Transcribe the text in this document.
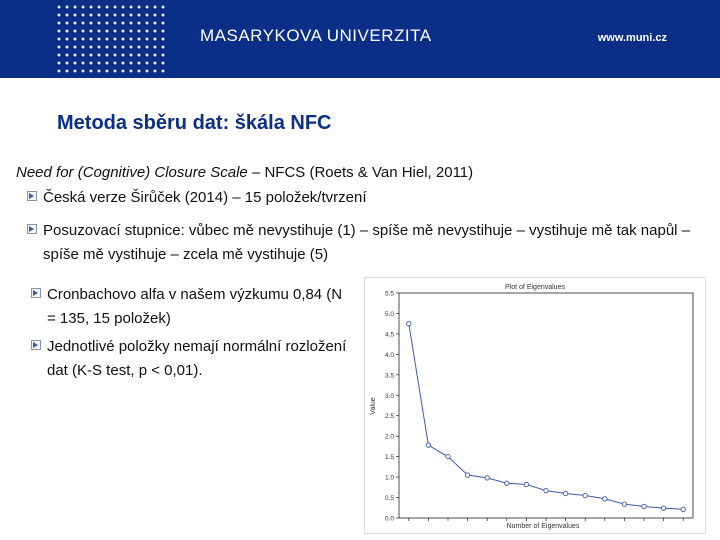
MASARYKOVA UNIVERZITA	www.muni.cz
Metoda sběru dat: škála NFC
Need for (Cognitive) Closure Scale – NFCS (Roets & Van Hiel, 2011)
Česká verze Širůček (2014) – 15 položek/tvrzení
Posuzovací stupnice: vůbec mě nevystihuje (1) – spíše mě nevystihuje – vystihuje mě tak napůl – spíše mě vystihuje – zcela mě vystihuje (5)
Cronbachovo alfa v našem výzkumu 0,84 (N = 135, 15 položek)
Jednotlivé položky nemají normální rozložení dat (K-S test, p < 0,01).
Plot of Eigenvalues
Number of Eigenvalues
Value
0.0
0.5
1.0
1.5
2.0
2.5
3.0
3.5
4.0
4.5
5.0
5.5
